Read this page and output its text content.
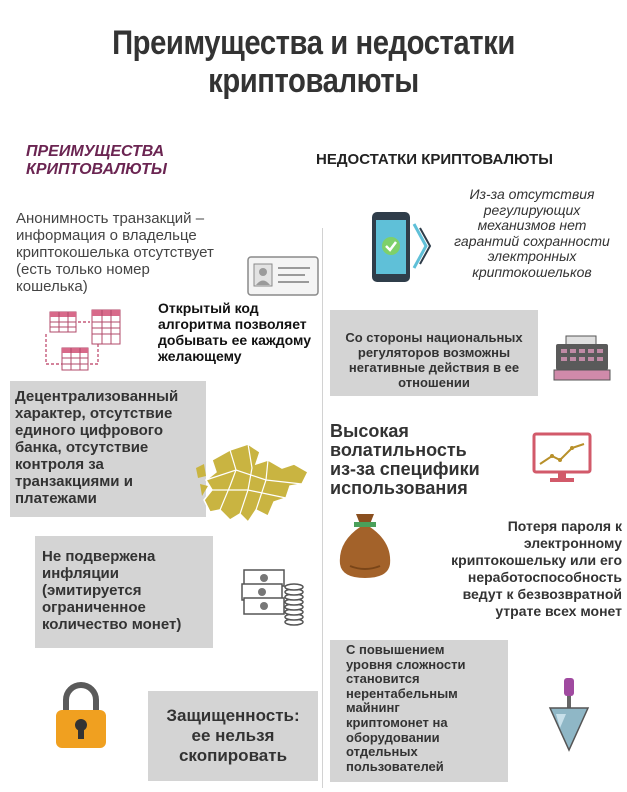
Преимущества и недостатки
криптовалюты
ПРЕИМУЩЕСТВА
КРИПТОВАЛЮТЫ
НЕДОСТАТКИ КРИПТОВАЛЮТЫ
Анонимность транзакций –
информация о владельце
криптокошелька отсутствует
(есть только номер
кошелька)
Открытый код
алгоритма позволяет
добывать ее каждому
желающему
Децентрализованный
характер, отсутствие
единого цифрового
банка, отсутствие
контроля за
транзакциями и
платежами
Не подвержена
инфляции
(эмитируется
ограниченное
количество монет)
Защищенность:
ее нельзя
скопировать
Из-за отсутствия
регулирующих
механизмов нет
гарантий сохранности
электронных
криптокошельков
Со стороны национальных
регуляторов возможны
негативные действия в ее
отношении
Высокая
волатильность
из-за специфики
использования
Потеря пароля к
электронному
криптокошельку или его
неработоспособность
ведут к безвозвратной
утрате всех монет
С повышением
уровня сложности
становится
нерентабельным
майнинг
криптомонет на
оборудовании
отдельных
пользователей
